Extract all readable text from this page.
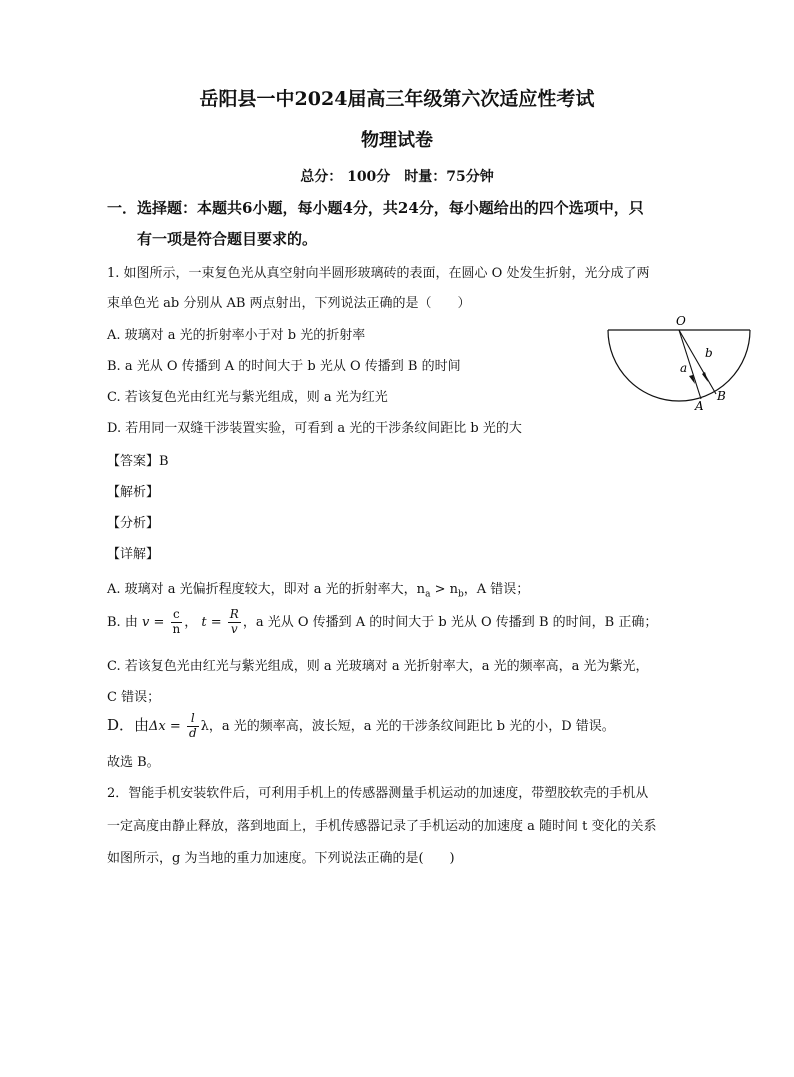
岳阳县一中2024届高三年级第六次适应性考试
物理试卷
总分： 100分　时量：75分钟
一．选择题：本题共6小题，每小题4分，共24分，每小题给出的四个选项中，只
有一项是符合题目要求的。
1. 如图所示，一束复色光从真空射向半圆形玻璃砖的表面，在圆心 O 处发生折射，光分成了两
束单色光 ab 分别从 AB 两点射出，下列说法正确的是（　　）
A. 玻璃对 a 光的折射率小于对 b 光的折射率
B. a 光从 O 传播到 A 的时间大于 b 光从 O 传播到 B 的时间
C. 若该复色光由红光与紫光组成，则 a 光为红光
D. 若用同一双缝干涉装置实验，可看到 a 光的干涉条纹间距比 b 光的大
O
a
b
A
B
【答案】B
【解析】
【分析】
【详解】
A. 玻璃对 a 光偏折程度较大，即对 a 光的折射率大，$n_a > n_b$，A 错误；
B. 由 $v = \frac{c}{n}$ ， $t = \frac{R}{v}$ ，a 光从 O 传播到 A 的时间大于 b 光从 O 传播到 B 的时间，B 正确；
C. 若该复色光由红光与紫光组成，则 a 光玻璃对 a 光折射率大，a 光的频率高，a 光为紫光，
C 错误；
D．由$\Delta x = \frac{l}{d}$ λ，a 光的频率高，波长短，a 光的干涉条纹间距比 b 光的小，D 错误。
故选 B。
2．智能手机安装软件后，可利用手机上的传感器测量手机运动的加速度，带塑胶软壳的手机从
一定高度由静止释放，落到地面上，手机传感器记录了手机运动的加速度 a 随时间 t 变化的关系
如图所示，g 为当地的重力加速度。下列说法正确的是(　　)
